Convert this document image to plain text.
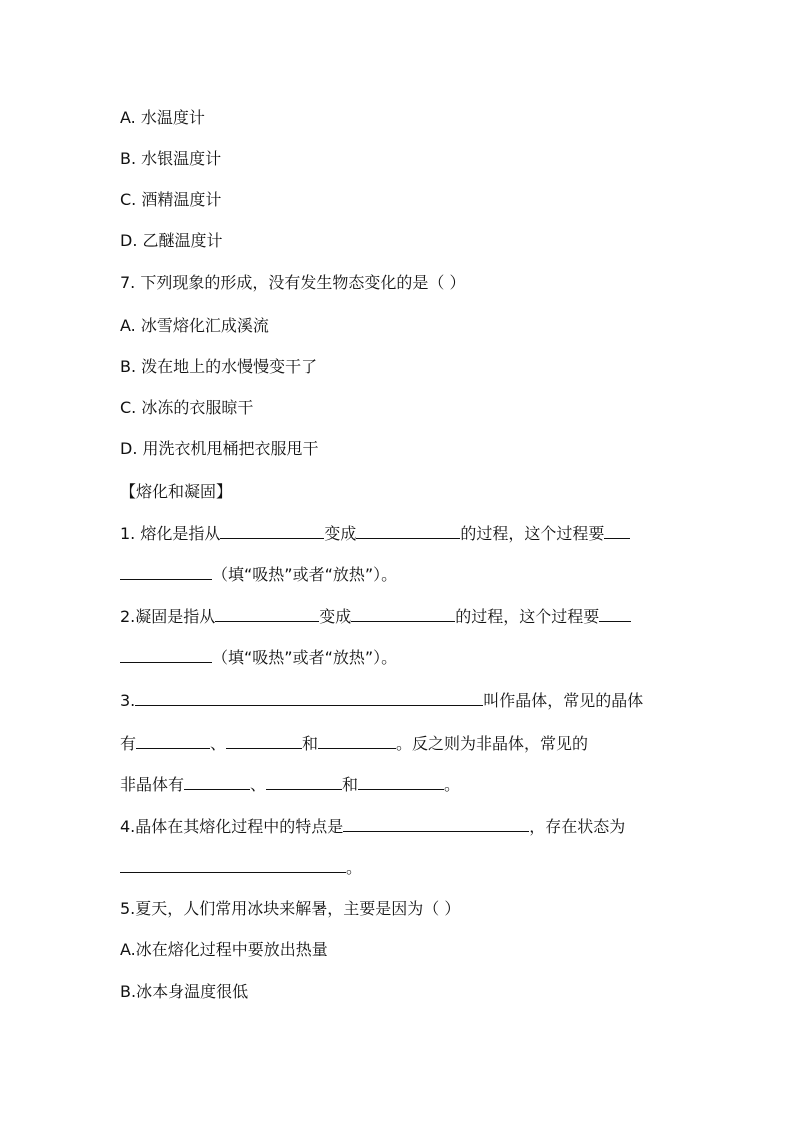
A. 水温度计
B. 水银温度计
C. 酒精温度计
D. 乙醚温度计
7. 下列现象的形成，没有发生物态变化的是（ ）
A. 冰雪熔化汇成溪流
B. 泼在地上的水慢慢变干了
C. 冰冻的衣服晾干
D. 用洗衣机甩桶把衣服甩干
【熔化和凝固】
1. 熔化是指从	变成	的过程，这个过程要
（填“吸热”或者“放热”）。
2.凝固是指从	变成	的过程，这个过程要
（填“吸热”或者“放热”）。
3.	叫作晶体，常见的晶体
有	、	和	。反之则为非晶体，常见的
非晶体有	、	和	。
4.晶体在其熔化过程中的特点是	，存在状态为
。
5.夏天，人们常用冰块来解暑，主要是因为（ ）
A.冰在熔化过程中要放出热量
B.冰本身温度很低
